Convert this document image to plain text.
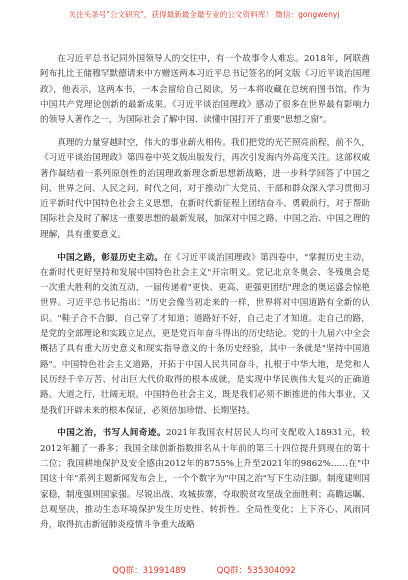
关注头条号"公文研究"，获得最新最全最专业的公文资料库！ 微信：gongwenyj

在习近平总书记同外国领导人的交往中，有一个故事令人难忘。2018年，阿联酋阿布扎比王储穆罕默德请来中方赠送两本习近平总书记签名的阿文版《习近平谈治国理政》，他表示，这两本书，一本会留给自己阅读，另一本将收藏在总统府图书馆，作为中国共产党理论创新的最新成果。《习近平谈治国理政》感动了很多在世界最有影响力的领导人著作之一，为国际社会了解中国、读懂中国打开了重要"思想之窗"。

真理的力量穿越时空，伟大的事业薪火相传。我们把党的光芒照亮前程，前不久，《习近平谈治国理政》第四卷中英文版出版发行，再次引发海内外高度关注。这部权威著作凝结着一系列原创性的治国理政新理念新思想新战略，进一步科学回答了中国之问、世界之问、人民之问、时代之问，对于推动广大党员、干部和群众深入学习贯彻习近平新时代中国特色社会主义思想，在新时代新征程上团结奋斗、勇毅前行，对于帮助国际社会及时了解这一重要思想的最新发展，加深对中国之路、中国之治、中国之理的理解，具有重要意义。

中国之路，彰显历史主动。在《习近平谈治国理政》第四卷中，"掌握历史主动，在新时代更好坚持和发展中国特色社会主义"开宗明义。党记北京冬奥会、冬残奥会是一次重大胜利的交流互动，一届传递着"更快、更高、更强更团结"理念的奥运盛会惊艳世界。习近平总书记指出："历史会像当初走来的一样，世界将对中国道路有全新的认识。"鞋子合不合脚，自己穿了才知道；道路好不好，自己走了才知道。走自己的路，是党的全部理论和实践立足点，更是党百年奋斗得出的历史结论。党的十九届六中全会概括了具有重大历史意义和现实指导意义的十条历史经验，其中一条就是"坚持中国道路"。中国特色社会主义道路，开拓于中国人民共同奋斗，扎根于中华大地，是党和人民历经千辛万苦、付出巨大代价取得的根本成就，是实现中华民族伟大复兴的正确道路。大道之行，壮阔无垠。中国特色社会主义，既是我们必须不断推进的伟大事业，又是我们开辟未来的根本保证，必须倍加珍惜、长期坚持。

中国之治，书写人间奇迹。2021年我国农村居民人均可支配收入18931元，较2012年翻了一番多；我国全球创新指数排名从十年前的第三十四位提升到现在的第十二位；我国耕地保护及安全感由2012年的8755%上升至2021年的9862%……在"中国这十年"系列主题新闻发布会上，一个个数字为"中国之治"写下生动注脚。制度建则国家稳，制度强则国家强。尽锐出战、攻城拔寨，夺取脱贫攻坚战全面胜利；高瞻远瞩、总观坚决，推动生态环境保护发生历史性、转折性、全局性变化；上下齐心、风雨同舟，取得抗击新冠肺炎疫情斗争重大战略

QQ群：31991489	QQ群：535304092
